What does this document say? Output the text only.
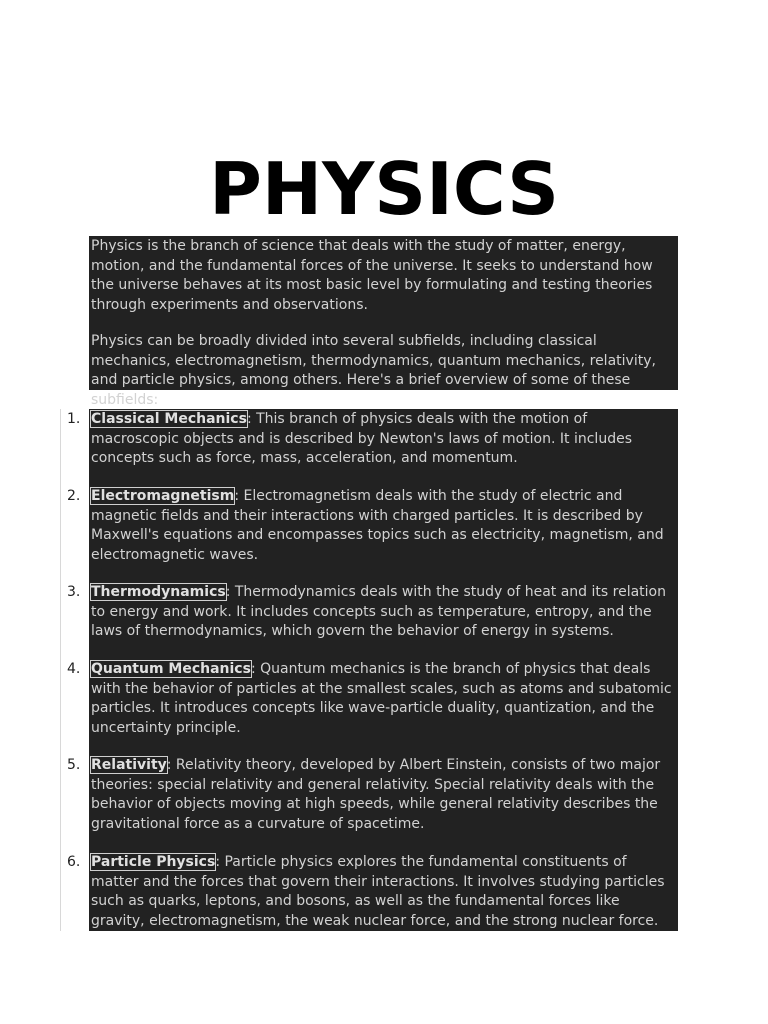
PHYSICS

Physics is the branch of science that deals with the study of matter, energy, motion, and the fundamental forces of the universe. It seeks to understand how the universe behaves at its most basic level by formulating and testing theories through experiments and observations.

Physics can be broadly divided into several subfields, including classical mechanics, electromagnetism, thermodynamics, quantum mechanics, relativity, and particle physics, among others. Here's a brief overview of some of these subfields:

1. Classical Mechanics: This branch of physics deals with the motion of macroscopic objects and is described by Newton's laws of motion. It includes concepts such as force, mass, acceleration, and momentum.

2. Electromagnetism: Electromagnetism deals with the study of electric and magnetic fields and their interactions with charged particles. It is described by Maxwell's equations and encompasses topics such as electricity, magnetism, and electromagnetic waves.

3. Thermodynamics: Thermodynamics deals with the study of heat and its relation to energy and work. It includes concepts such as temperature, entropy, and the laws of thermodynamics, which govern the behavior of energy in systems.

4. Quantum Mechanics: Quantum mechanics is the branch of physics that deals with the behavior of particles at the smallest scales, such as atoms and subatomic particles. It introduces concepts like wave-particle duality, quantization, and the uncertainty principle.

5. Relativity: Relativity theory, developed by Albert Einstein, consists of two major theories: special relativity and general relativity. Special relativity deals with the behavior of objects moving at high speeds, while general relativity describes the gravitational force as a curvature of spacetime.

6. Particle Physics: Particle physics explores the fundamental constituents of matter and the forces that govern their interactions. It involves studying particles such as quarks, leptons, and bosons, as well as the fundamental forces like gravity, electromagnetism, the weak nuclear force, and the strong nuclear force.
